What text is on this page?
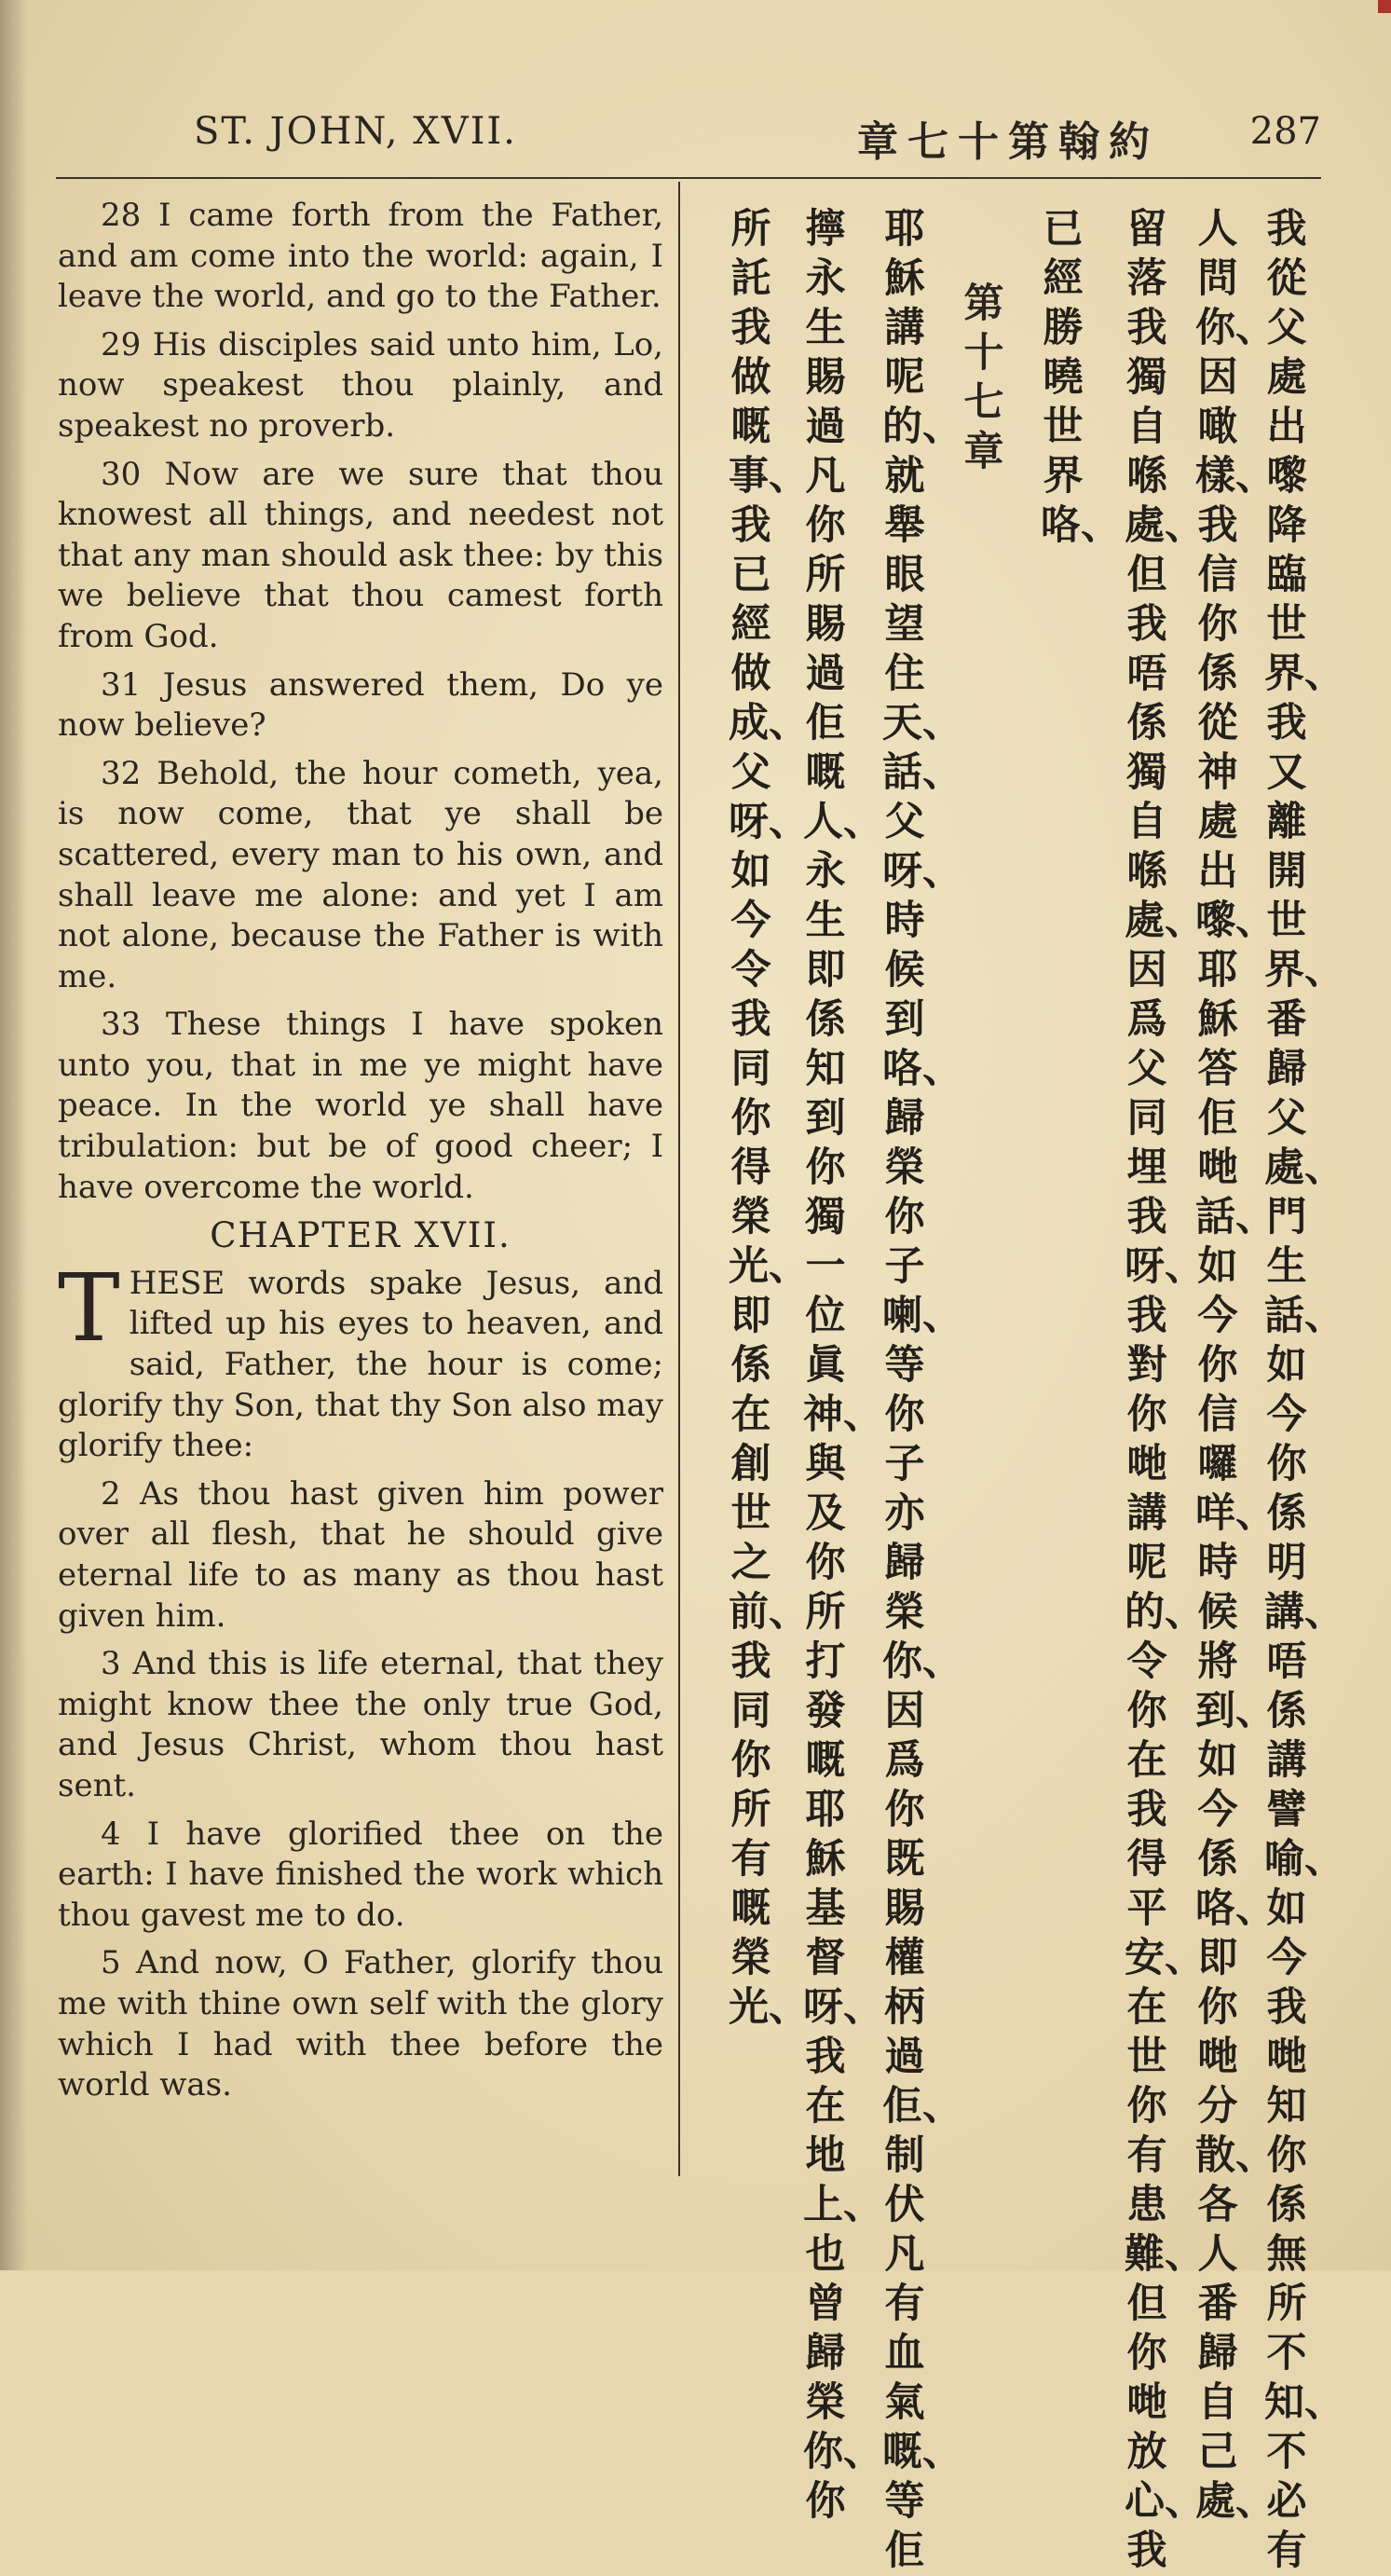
ST. JOHN, XVII.	章七十第翰約 287

28 I came forth from the Father, and am come into the world: again, I leave the world, and go to the Father.

29 His disciples said unto him, Lo, now speakest thou plainly, and speakest no proverb.

30 Now are we sure that thou knowest all things, and needest not that any man should ask thee: by this we believe that thou camest forth from God.

31 Jesus answered them, Do ye now believe?

32 Behold, the hour cometh, yea, is now come, that ye shall be scattered, every man to his own, and shall leave me alone: and yet I am not alone, because the Father is with me.

33 These things I have spoken unto you, that in me ye might have peace. In the world ye shall have tribulation: but be of good cheer; I have overcome the world.

CHAPTER XVII.

THESE words spake Jesus, and lifted up his eyes to heaven, and said, Father, the hour is come; glorify thy Son, that thy Son also may glorify thee:

2 As thou hast given him power over all flesh, that he should give eternal life to as many as thou hast given him.

3 And this is life eternal, that they might know thee the only true God, and Jesus Christ, whom thou hast sent.

4 I have glorified thee on the earth: I have finished the work which thou gavest me to do.

5 And now, O Father, glorify thou me with thine own self with the glory which I had with thee before the world was.

我從父處出嚟降臨世界、我又離開世界、番歸父處、門生話、如今你係明講、唔係講譬喻、如今我哋知你係無所不知、不必有
人問你、因噉樣、我信你係從　神處出嚟、耶穌答佢哋話、如今你信囉咩、時候將到、如今係咯、即你哋分散、各人番歸自己處、
留落我獨自喺處、但我唔係獨自喺處、因爲父同埋我呀、我對你哋講呢的、令你在我得平安、在世你有患難、但你哋放心、我
已經勝曉世界咯、
第十七章
耶穌講呢的、就舉眼望住天、話、父呀、時候到咯、歸榮你子喇、等你子亦歸榮你、因爲你既賜權柄過佢、制伏凡有血氣嘅、等佢
擰永生賜過凡你所賜過佢嘅人、永生即係知到你獨一位眞　神、與及你所打發嘅耶穌基督呀、我在地上、也曾歸榮你、你
所託我做嘅事、我已經做成、父呀、如今令我同你得榮光、即係在創世之前、我同你所有嘅榮光、
